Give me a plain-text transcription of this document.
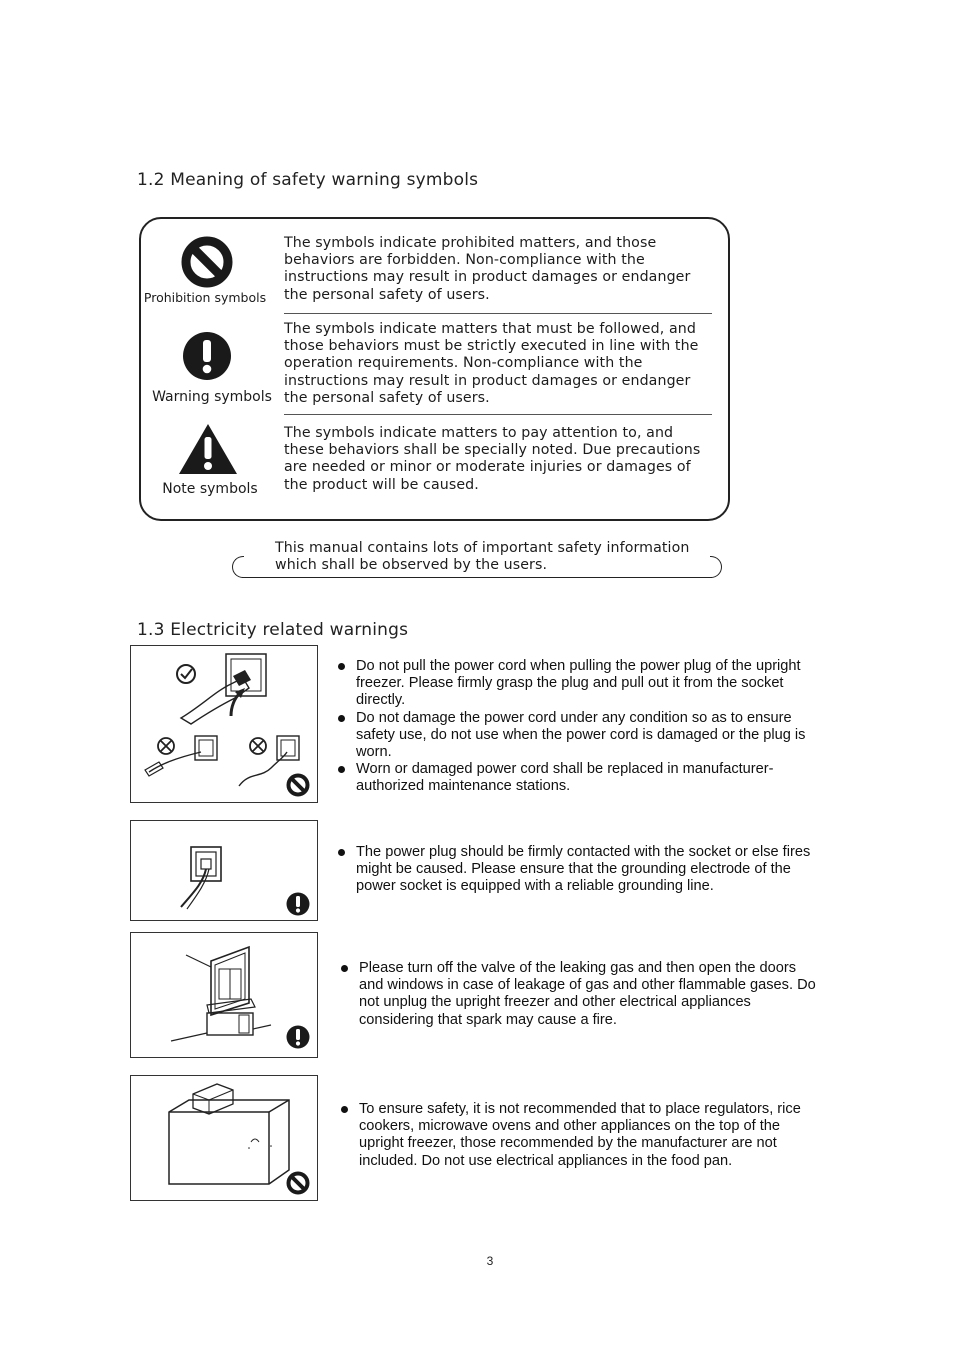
1.2 Meaning of safety warning symbols
Prohibition symbols
The symbols indicate prohibited matters, and those behaviors are forbidden. Non-compliance with the instructions may result in product damages or endanger the personal safety of users.
Warning symbols
The symbols indicate matters that must be followed, and those behaviors must be strictly executed in line with the operation requirements. Non-compliance with the instructions may result in product damages or endanger the personal safety of users.
Note symbols
The symbols indicate matters to pay attention to, and these behaviors shall be specially noted. Due precautions are needed or minor or moderate injuries or damages of the product will be caused.
This manual contains lots of important safety information which shall be observed by the users.
1.3 Electricity related warnings

Do not pull the power cord when pulling the power plug of the upright freezer. Please firmly grasp the plug and pull out it from the socket directly.

Do not damage the power cord under any condition so as to ensure safety use, do not use when the power cord is damaged or the plug is worn.

Worn or damaged power cord shall be replaced in manufacturer-authorized maintenance stations.

The power plug should be firmly contacted with the socket or else fires might be caused. Please ensure that the grounding electrode of the power socket is equipped with a reliable grounding line.

Please turn off the valve of the leaking gas and then open the doors and windows in case of leakage of gas and other flammable gases. Do not unplug the upright freezer and other electrical appliances considering that spark may cause a fire.

To ensure safety, it is not recommended that to place regulators, rice cookers, microwave ovens and other appliances on the top of the upright freezer, those recommended by the manufacturer are not included. Do not use electrical appliances in the food pan.

3
